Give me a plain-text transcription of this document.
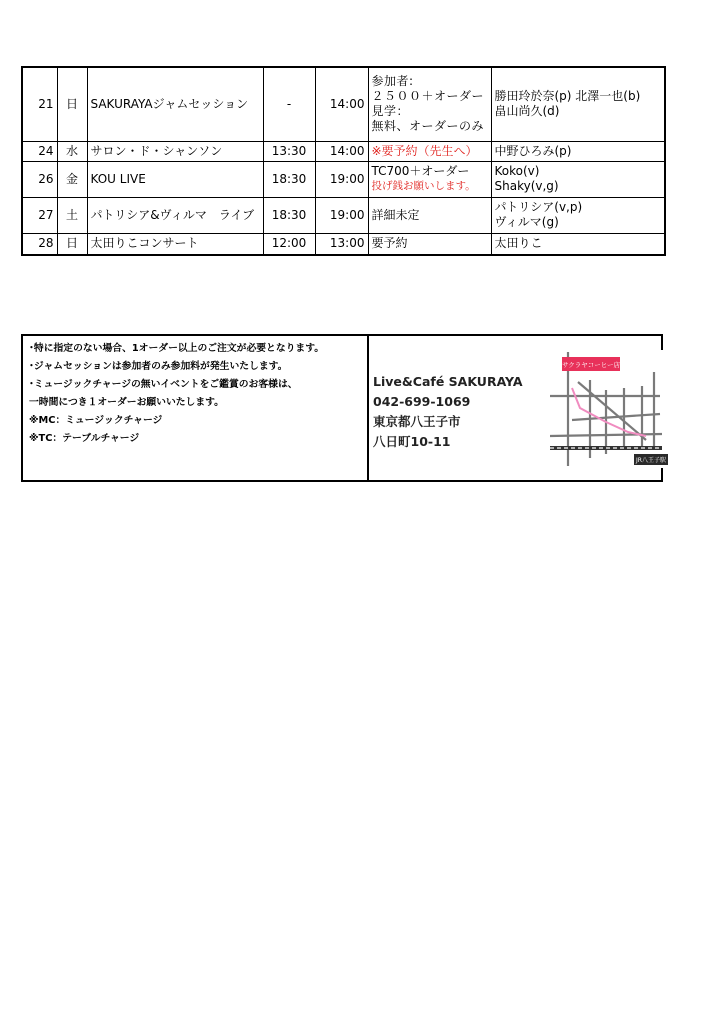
21	日	SAKURAYAジャムセッション	-	14:00	参加者:
２５００＋オーダー
見学：
無料、オーダーのみ	勝田玲於奈(p) 北澤一也(b)
畠山尚久(d)

24	水	サロン・ド・シャンソン	13:30	14:00	※要予約（先生へ）	中野ひろみ(p)

26	金	KOU LIVE	18:30	19:00	TC700＋オーダー
投げ銭お願いします。	Koko(v)
Shaky(v,g)

27	土	パトリシア&ヴィルマ　ライブ	18:30	19:00	詳細未定	パトリシア(v,p)
ヴィルマ(g)

28	日	太田りこコンサート	12:00	13:00	要予約	太田りこ
･特に指定のない場合、1オーダー以上のご注文が必要となります。
･ジャムセッションは参加者のみ参加料が発生いたします。
･ミュージックチャージの無いイベントをご鑑賞のお客様は、
一時間につき１オーダーお願いいたします。
※MC：ミュージックチャージ
※TC：テーブルチャージ
Live&Café SAKURAYA
042-699-1069
東京都八王子市
八日町10-11
サクラヤコーヒー店
JR八王子駅
